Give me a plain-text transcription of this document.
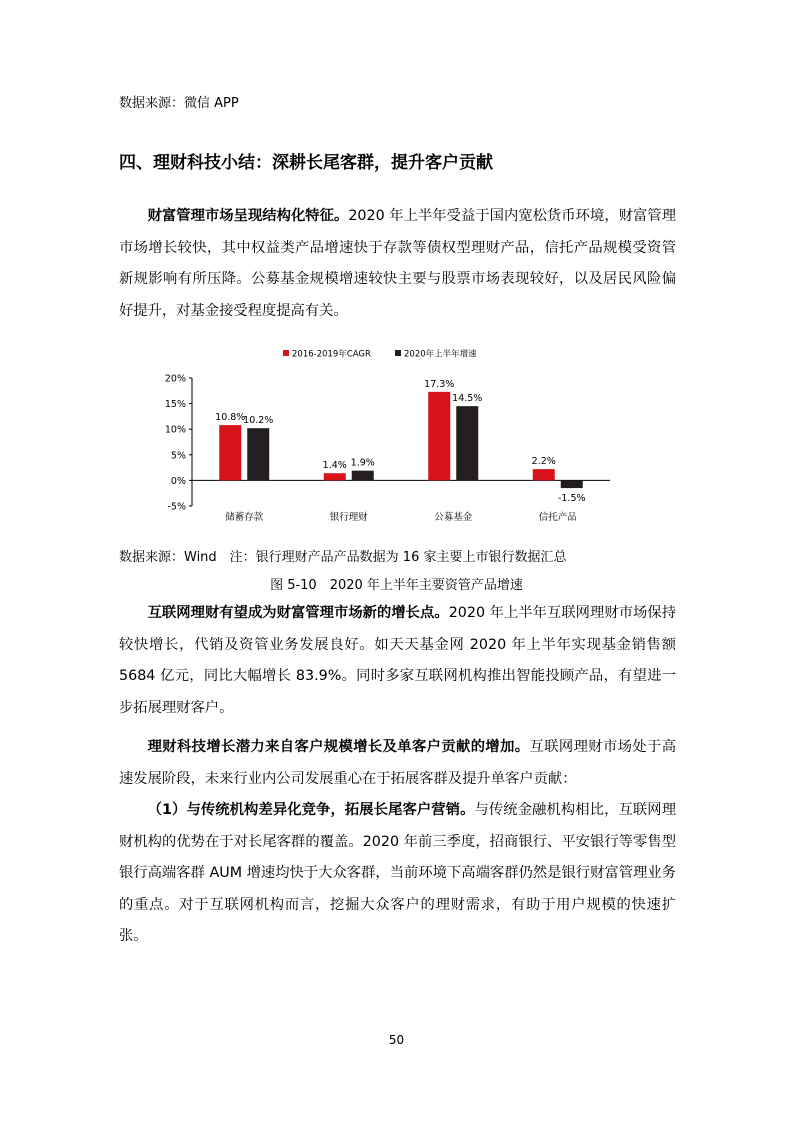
数据来源：微信 APP
四、理财科技小结：深耕长尾客群，提升客户贡献
财富管理市场呈现结构化特征。2020 年上半年受益于国内宽松货币环境，财富管理市场增长较快，其中权益类产品增速快于存款等债权型理财产品，信托产品规模受资管新规影响有所压降。公募基金规模增速较快主要与股票市场表现较好，以及居民风险偏好提升，对基金接受程度提高有关。
2016-2019年CAGR	2020年上半年增速
20%
15%
10%
5%
0%
-5%
10.8%
10.2%
储蓄存款
1.4% 1.9%
银行理财
17.3%
14.5%
公募基金
2.2%
-1.5%
信托产品
数据来源：Wind　注：银行理财产品产品数据为 16 家主要上市银行数据汇总
图 5-10　2020 年上半年主要资管产品增速
互联网理财有望成为财富管理市场新的增长点。2020 年上半年互联网理财市场保持较快增长，代销及资管业务发展良好。如天天基金网 2020 年上半年实现基金销售额 5684 亿元，同比大幅增长 83.9%。同时多家互联网机构推出智能投顾产品，有望进一步拓展理财客户。
理财科技增长潜力来自客户规模增长及单客户贡献的增加。互联网理财市场处于高速发展阶段，未来行业内公司发展重心在于拓展客群及提升单客户贡献：
（1）与传统机构差异化竞争，拓展长尾客户营销。与传统金融机构相比，互联网理财机构的优势在于对长尾客群的覆盖。2020 年前三季度，招商银行、平安银行等零售型银行高端客群 AUM 增速均快于大众客群，当前环境下高端客群仍然是银行财富管理业务的重点。对于互联网机构而言，挖掘大众客户的理财需求，有助于用户规模的快速扩张。
50
